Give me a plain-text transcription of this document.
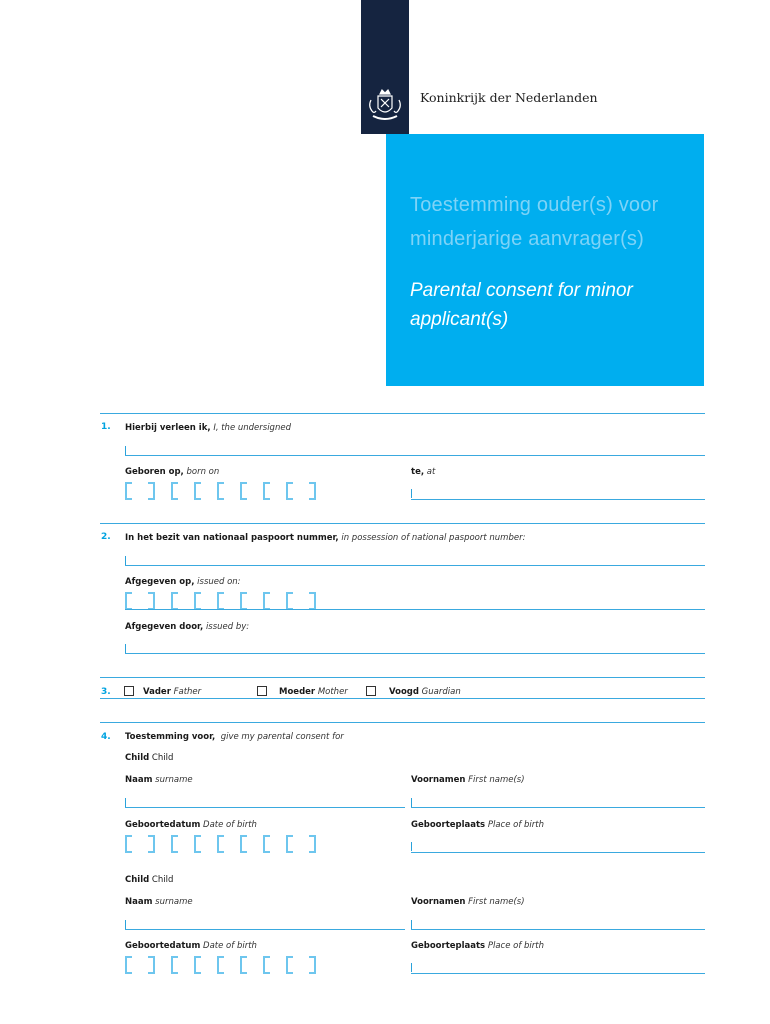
Koninkrijk der Nederlanden
Toestemming ouder(s) voor
minderjarige aanvrager(s)
Parental consent for minor
applicant(s)
1. Hierbij verleen ik, I, the undersigned
Geboren op, born on	te, at
2. In het bezit van nationaal paspoort nummer, in possession of national paspoort number:
Afgegeven op, issued on:
Afgegeven door, issued by:
3.	Vader Father	Moeder Mother	Voogd Guardian
4. Toestemming voor, give my parental consent for
Child Child
Naam surname	Voornamen First name(s)
Geboortedatum Date of birth	Geboorteplaats Place of birth
Child Child
Naam surname	Voornamen First name(s)
Geboortedatum Date of birth	Geboorteplaats Place of birth
